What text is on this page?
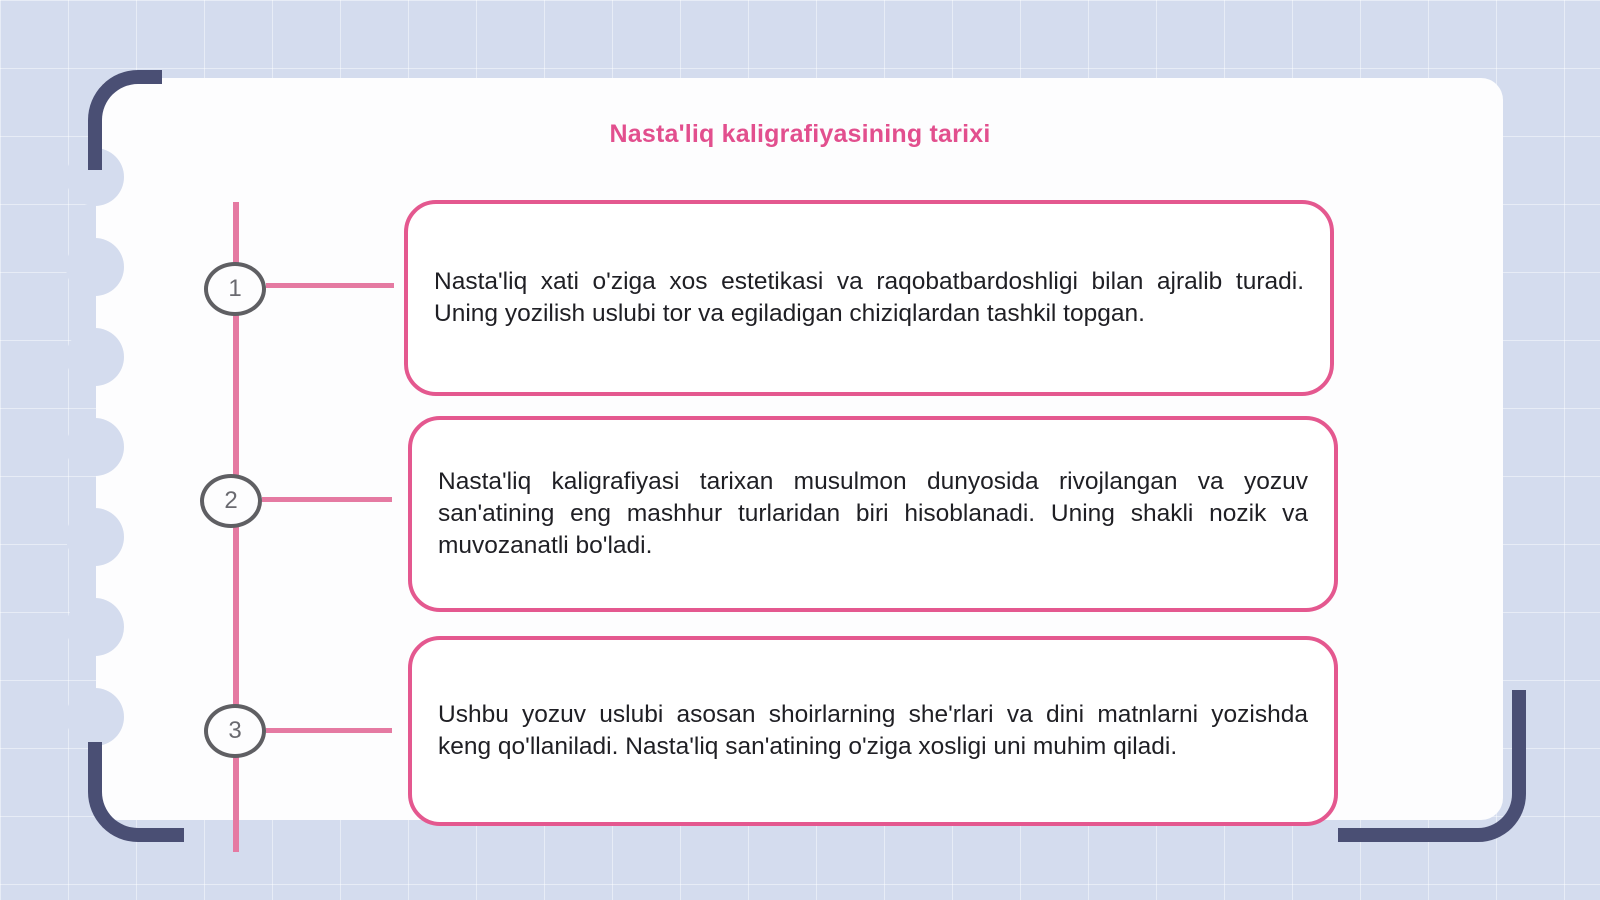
Nasta'liq kaligrafiyasining tarixi
1	Nasta'liq xati o'ziga xos estetikasi va raqobatbardoshligi bilan ajralib turadi. Uning yozilish uslubi tor va egiladigan chiziqlardan tashkil topgan.

2

Nasta'liq kaligrafiyasi tarixan musulmon dunyosida rivojlangan va yozuv san'atining eng mashhur turlaridan biri hisoblanadi. Uning shakli nozik va muvozanatli bo'ladi.

3

Ushbu yozuv uslubi asosan shoirlarning she'rlari va dini matnlarni yozishda keng qo'llaniladi. Nasta'liq san'atining o'ziga xosligi uni muhim qiladi.
